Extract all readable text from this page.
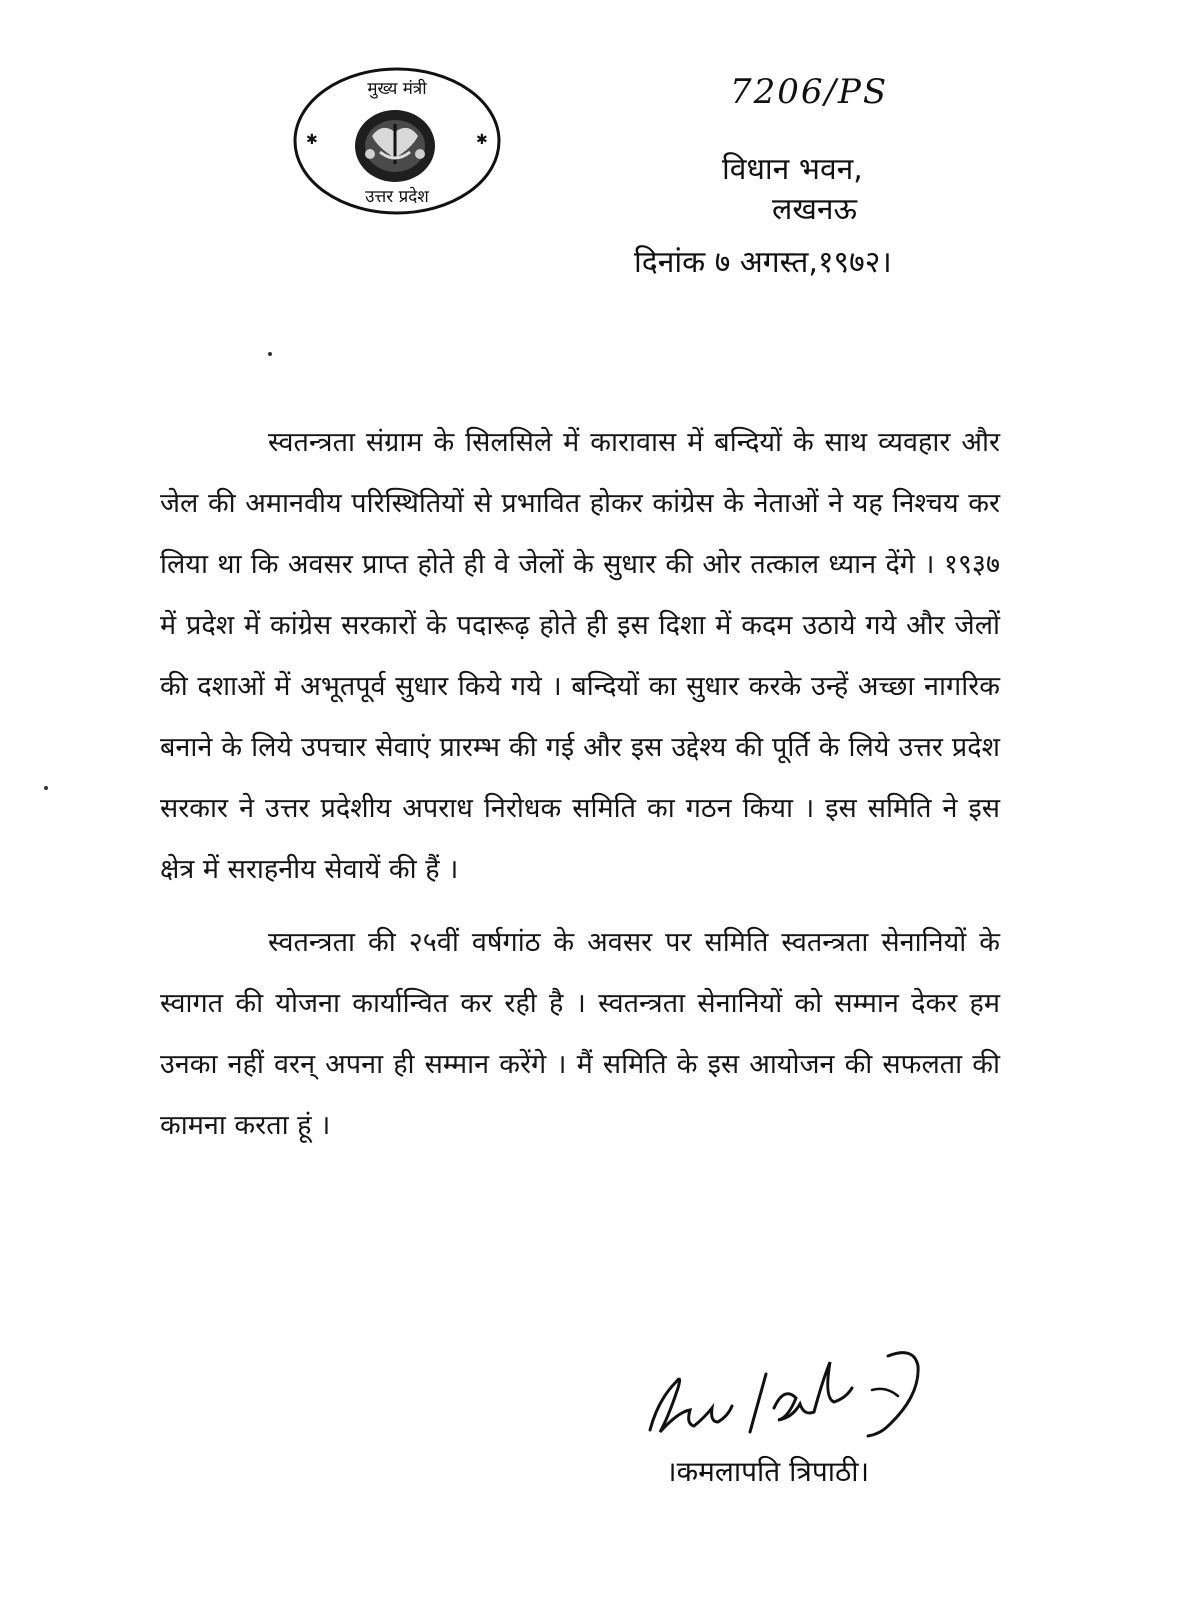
✱	✱
मुख्य मंत्री
उत्तर प्रदेश
7206/PS
विधान भवन,
लखनऊ
दिनांक ७ अगस्त,१९७२।

स्वतन्त्रता संग्राम के सिलसिले में कारावास में बन्दियों के साथ व्यवहार और जेल की अमानवीय परिस्थितियों से प्रभावित होकर कांग्रेस के नेताओं ने यह निश्चय कर लिया था कि अवसर प्राप्त होते ही वे जेलों के सुधार की ओर तत्काल ध्यान देंगे । १९३७ में प्रदेश में कांग्रेस सरकारों के पदारूढ़ होते ही इस दिशा में कदम उठाये गये और जेलों की दशाओं में अभूतपूर्व सुधार किये गये । बन्दियों का सुधार करके उन्हें अच्छा नागरिक बनाने के लिये उपचार सेवाएं प्रारम्भ की गई और इस उद्देश्य की पूर्ति के लिये उत्तर प्रदेश सरकार ने उत्तर प्रदेशीय अपराध निरोधक समिति का गठन किया । इस समिति ने इस क्षेत्र में सराहनीय सेवायें की हैं ।

स्वतन्त्रता की २५वीं वर्षगांठ के अवसर पर समिति स्वतन्त्रता सेनानियों के स्वागत की योजना कार्यान्वित कर रही है । स्वतन्त्रता सेनानियों को सम्मान देकर हम उनका नहीं वरन् अपना ही सम्मान करेंगे । मैं समिति के इस आयोजन की सफलता की कामना करता हूं ।

।कमलापति त्रिपाठी।
